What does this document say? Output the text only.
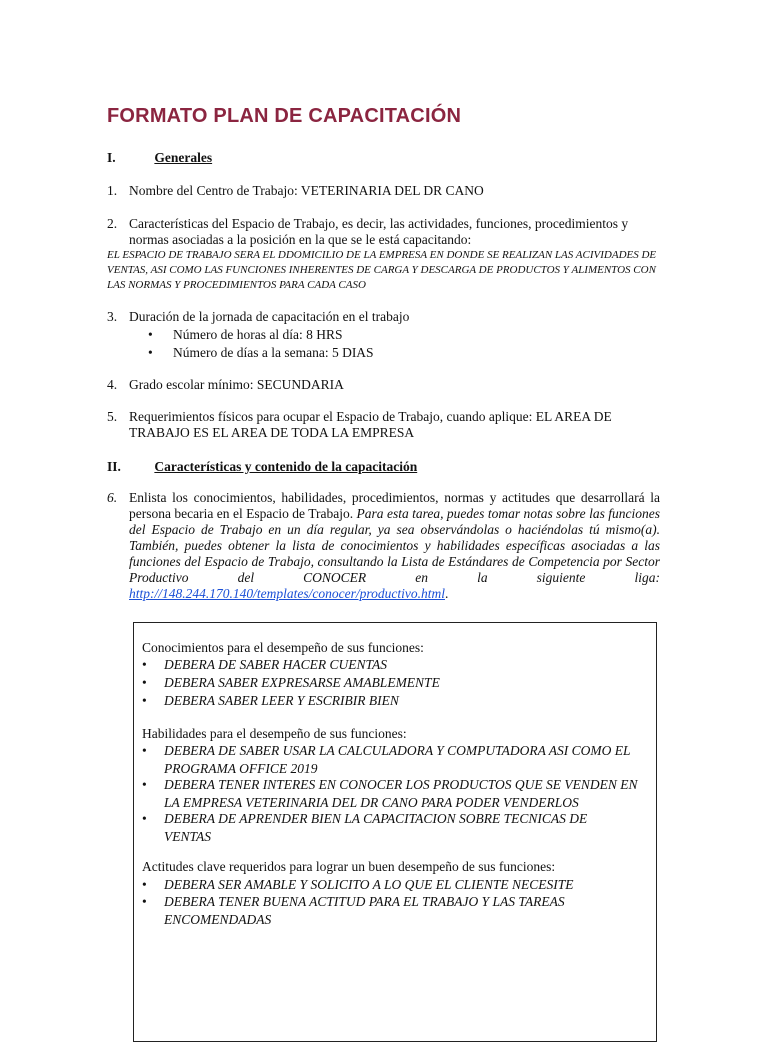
FORMATO PLAN DE CAPACITACIÓN
I.	Generales
1. Nombre del Centro de Trabajo: VETERINARIA DEL DR CANO
2. Características del Espacio de Trabajo, es decir, las actividades, funciones, procedimientos y normas asociadas a la posición en la que se le está capacitando:
EL ESPACIO DE TRABAJO SERA EL DDOMICILIO DE LA EMPRESA EN DONDE SE REALIZAN LAS ACIVIDADES DE VENTAS, ASI COMO LAS FUNCIONES INHERENTES DE CARGA Y DESCARGA DE PRODUCTOS Y ALIMENTOS CON LAS NORMAS Y PROCEDIMIENTOS PARA CADA CASO
3. Duración de la jornada de capacitación en el trabajo
• Número de horas al día: 8 HRS
• Número de días a la semana: 5 DIAS
4. Grado escolar mínimo: SECUNDARIA
5. Requerimientos físicos para ocupar el Espacio de Trabajo, cuando aplique: EL AREA DE TRABAJO ES EL AREA DE TODA LA EMPRESA
II. Características y contenido de la capacitación
6. Enlista los conocimientos, habilidades, procedimientos, normas y actitudes que desarrollará la persona becaria en el Espacio de Trabajo. Para esta tarea, puedes tomar notas sobre las funciones del Espacio de Trabajo en un día regular, ya sea observándolas o haciéndolas tú mismo(a). También, puedes obtener la lista de conocimientos y habilidades específicas asociadas a las funciones del Espacio de Trabajo, consultando la Lista de Estándares de Competencia por Sector Productivo del CONOCER en la siguiente liga: http://148.244.170.140/templates/conocer/productivo.html.
Conocimientos para el desempeño de sus funciones:
• DEBERA DE SABER HACER CUENTAS
• DEBERA SABER EXPRESARSE AMABLEMENTE
• DEBERA SABER LEER Y ESCRIBIR BIEN
Habilidades para el desempeño de sus funciones:
• DEBERA DE SABER USAR LA CALCULADORA Y COMPUTADORA ASI COMO EL PROGRAMA OFFICE 2019
• DEBERA TENER INTERES EN CONOCER LOS PRODUCTOS QUE SE VENDEN EN LA EMPRESA VETERINARIA DEL DR CANO PARA PODER VENDERLOS
• DEBERA DE APRENDER BIEN LA CAPACITACION SOBRE TECNICAS DE VENTAS
Actitudes clave requeridos para lograr un buen desempeño de sus funciones:
• DEBERA SER AMABLE Y SOLICITO A LO QUE EL CLIENTE NECESITE
• DEBERA TENER BUENA ACTITUD PARA EL TRABAJO Y LAS TAREAS ENCOMENDADAS
